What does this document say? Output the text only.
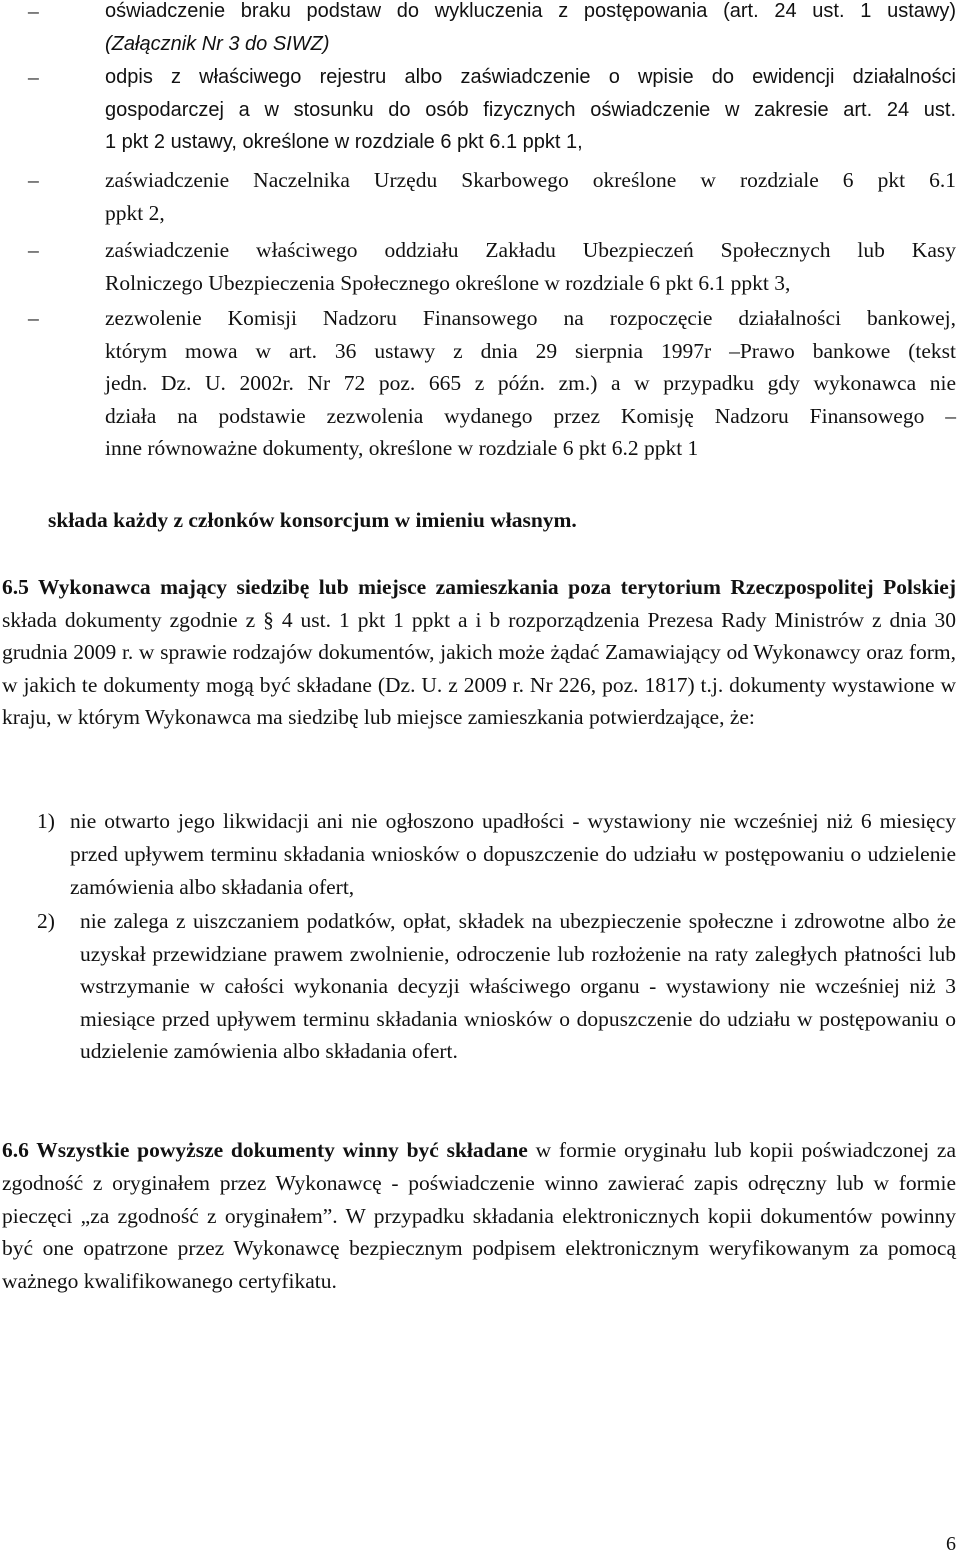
–	oświadczenie braku podstaw do wykluczenia z postępowania (art. 24 ust. 1 ustawy)
(Załącznik Nr 3 do SIWZ)
–	odpis z właściwego rejestru albo zaświadczenie o wpisie do ewidencji działalności
gospodarczej a w stosunku do osób fizycznych oświadczenie w zakresie art. 24 ust.
1 pkt 2 ustawy, określone w rozdziale 6 pkt 6.1 ppkt 1,
–	zaświadczenie Naczelnika Urzędu Skarbowego określone w rozdziale 6 pkt 6.1
ppkt 2,
–	zaświadczenie właściwego oddziału Zakładu Ubezpieczeń Społecznych lub Kasy
Rolniczego Ubezpieczenia Społecznego określone w rozdziale 6 pkt 6.1 ppkt 3,
–	zezwolenie Komisji Nadzoru Finansowego na rozpoczęcie działalności bankowej,
którym mowa w art. 36 ustawy z dnia 29 sierpnia 1997r –Prawo bankowe (tekst
jedn. Dz. U. 2002r. Nr 72 poz. 665 z późn. zm.) a w przypadku gdy wykonawca nie
działa na podstawie zezwolenia wydanego przez Komisję Nadzoru Finansowego –
inne równoważne dokumenty, określone w rozdziale 6 pkt 6.2 ppkt 1
składa każdy z członków konsorcjum w imieniu własnym.
6.5 Wykonawca mający siedzibę lub miejsce zamieszkania poza terytorium Rzeczpospolitej Polskiej składa dokumenty zgodnie z § 4 ust. 1 pkt 1 ppkt a i b rozporządzenia Prezesa Rady Ministrów z dnia 30 grudnia 2009 r. w sprawie rodzajów dokumentów, jakich może żądać Zamawiający od Wykonawcy oraz form, w jakich te dokumenty mogą być składane (Dz. U. z 2009 r. Nr 226, poz. 1817) t.j. dokumenty wystawione w kraju, w którym Wykonawca ma siedzibę lub miejsce zamieszkania potwierdzające, że:
1) nie otwarto jego likwidacji ani nie ogłoszono upadłości - wystawiony nie wcześniej niż 6 miesięcy przed upływem terminu składania wniosków o dopuszczenie do udziału w postępowaniu o udzielenie zamówienia albo składania ofert,
2) nie zalega z uiszczaniem podatków, opłat, składek na ubezpieczenie społeczne i zdrowotne albo że uzyskał przewidziane prawem zwolnienie, odroczenie lub rozłożenie na raty zaległych płatności lub wstrzymanie w całości wykonania decyzji właściwego organu - wystawiony nie wcześniej niż 3 miesiące przed upływem terminu składania wniosków o dopuszczenie do udziału w postępowaniu o udzielenie zamówienia albo składania ofert.
6.6 Wszystkie powyższe dokumenty winny być składane w formie oryginału lub kopii poświadczonej za zgodność z oryginałem przez Wykonawcę - poświadczenie winno zawierać zapis odręczny lub w formie pieczęci „za zgodność z oryginałem”. W przypadku składania elektronicznych kopii dokumentów powinny być one opatrzone przez Wykonawcę bezpiecznym podpisem elektronicznym weryfikowanym za pomocą ważnego kwalifikowanego certyfikatu.
6
